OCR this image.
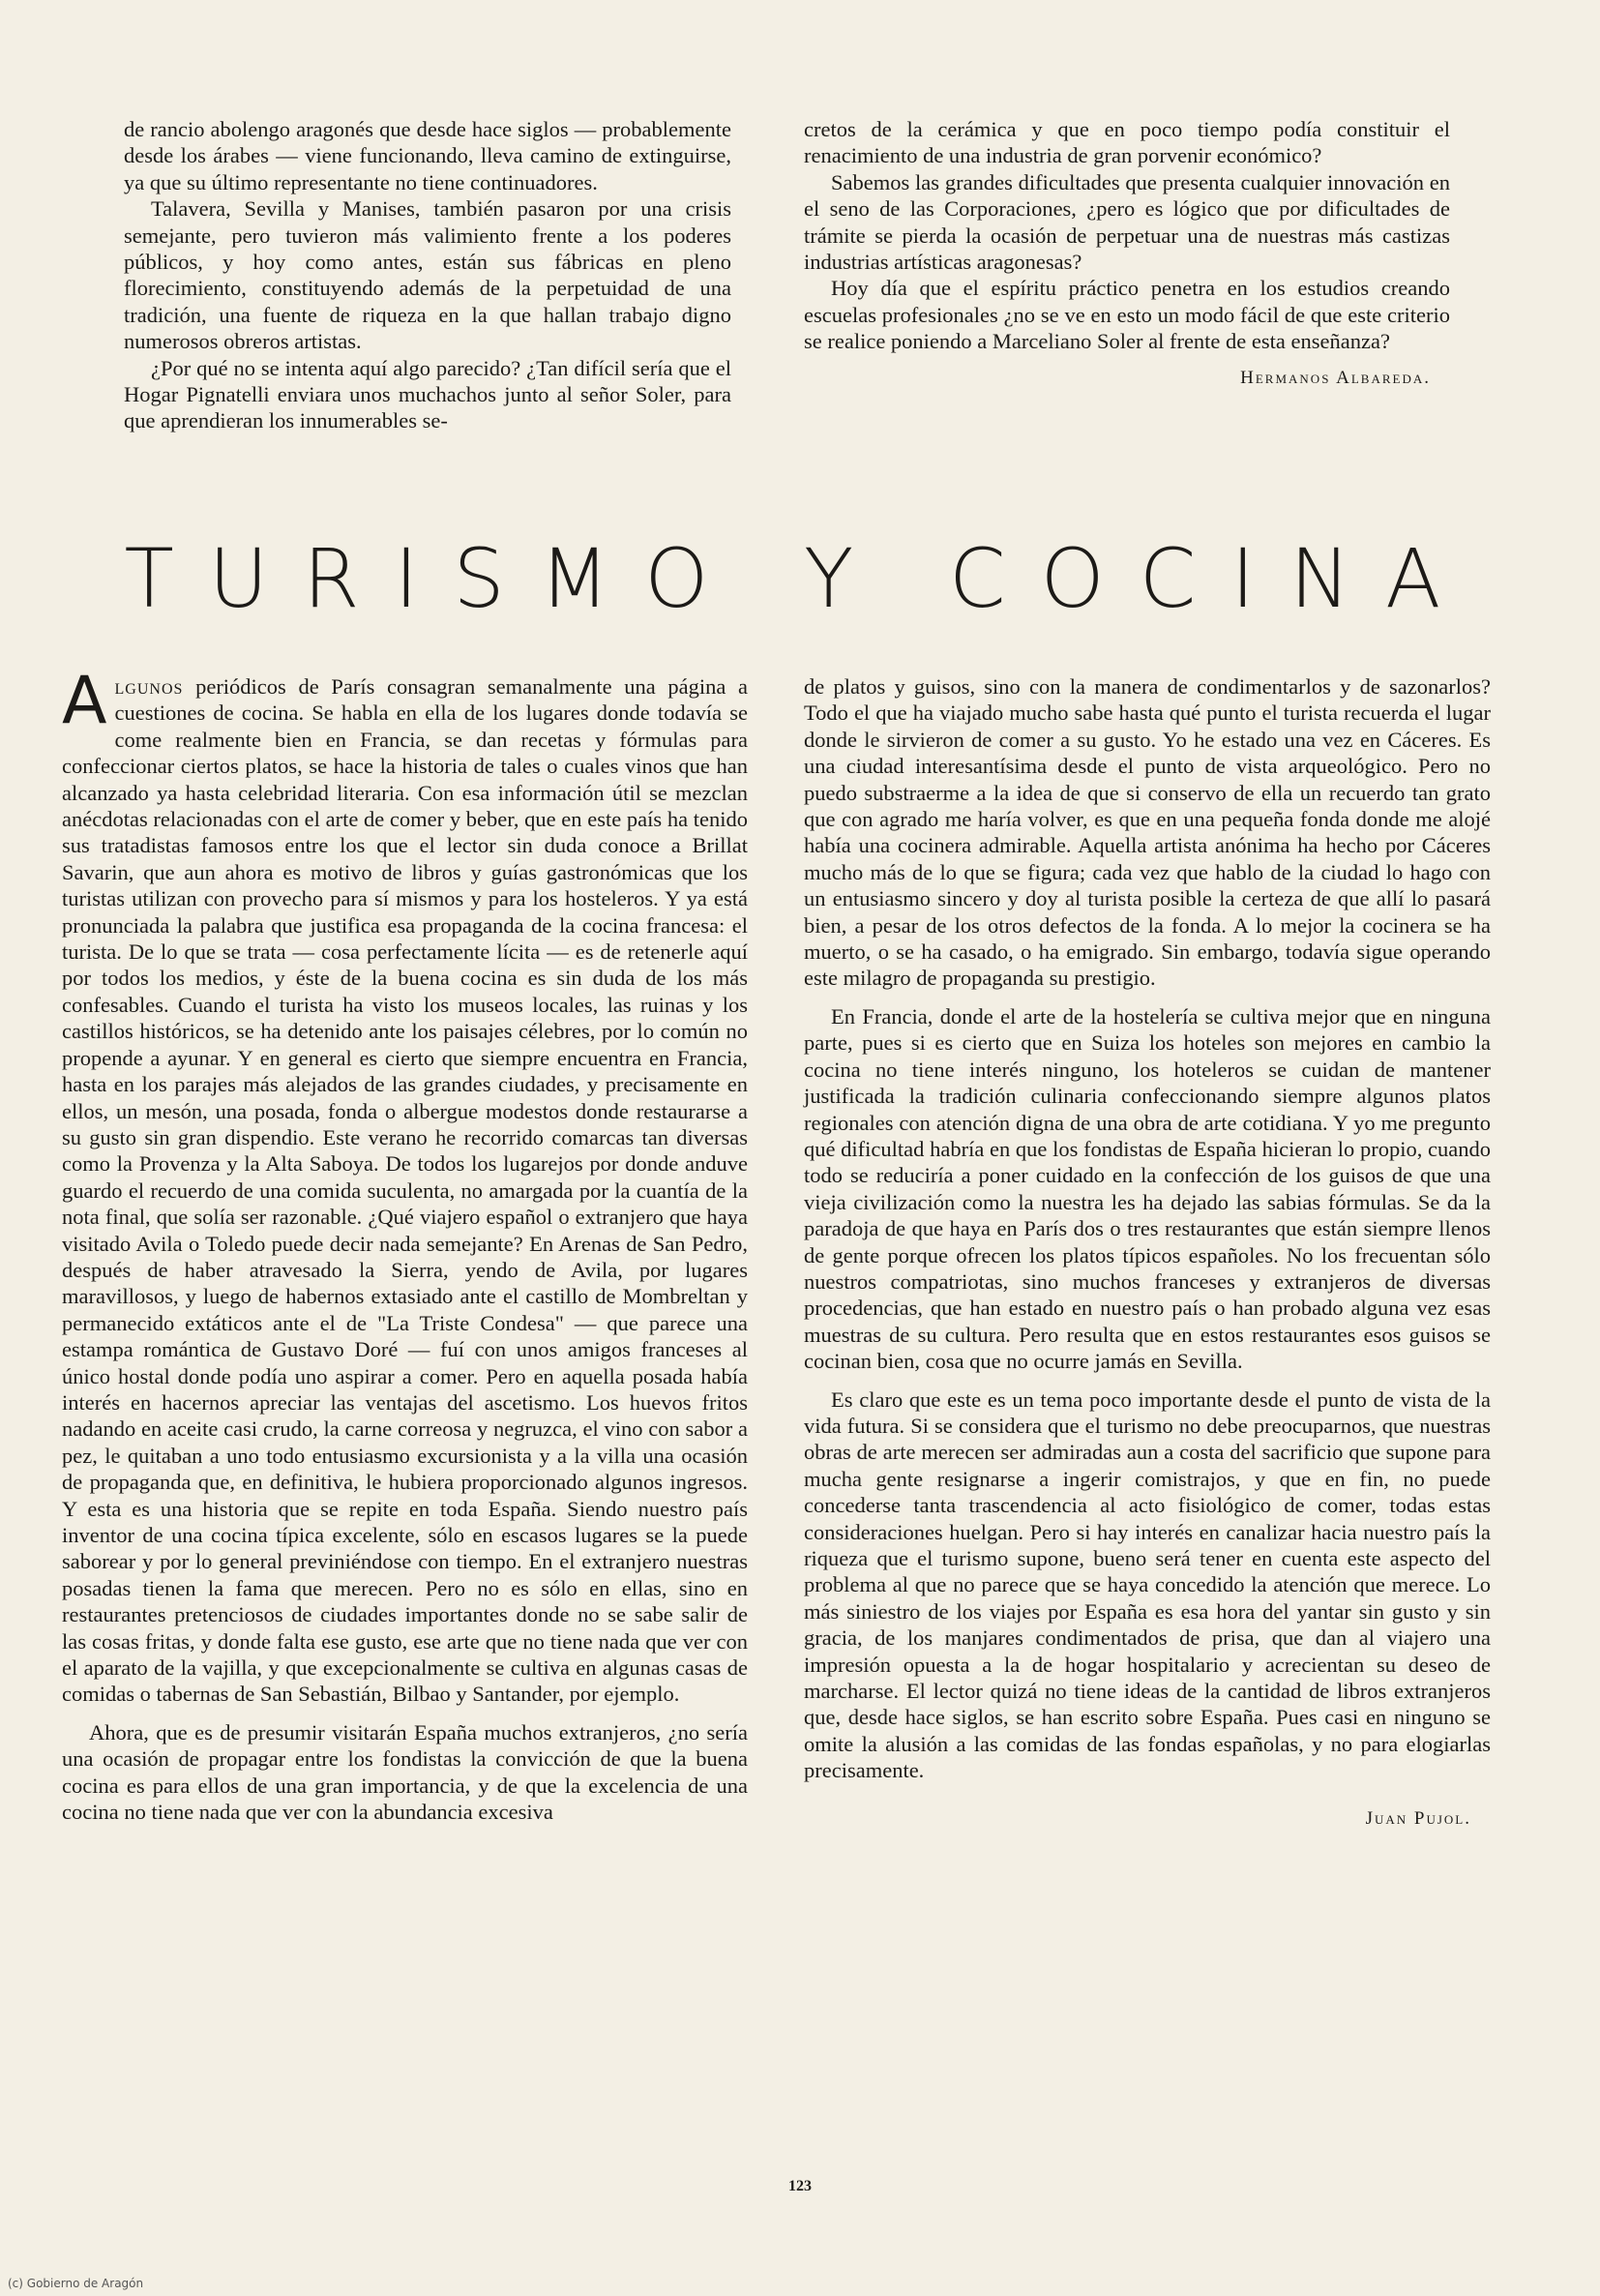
de rancio abolengo aragonés que desde hace siglos — probablemente desde los árabes — viene funcionando, lleva camino de extinguirse, ya que su último representante no tiene continuadores.

Talavera, Sevilla y Manises, también pasaron por una crisis semejante, pero tuvieron más valimiento frente a los poderes públicos, y hoy como antes, están sus fábricas en pleno florecimiento, constituyendo además de la perpetuidad de una tradición, una fuente de riqueza en la que hallan trabajo digno numerosos obreros artistas.

¿Por qué no se intenta aquí algo parecido? ¿Tan difícil sería que el Hogar Pignatelli enviara unos muchachos junto al señor Soler, para que aprendieran los innumerables se-

cretos de la cerámica y que en poco tiempo podía constituir el renacimiento de una industria de gran porvenir económico?

Sabemos las grandes dificultades que presenta cualquier innovación en el seno de las Corporaciones, ¿pero es lógico que por dificultades de trámite se pierda la ocasión de perpetuar una de nuestras más castizas industrias artísticas aragonesas?

Hoy día que el espíritu práctico penetra en los estudios creando escuelas profesionales ¿no se ve en esto un modo fácil de que este criterio se realice poniendo a Marceliano Soler al frente de esta enseñanza?

Hermanos Albareda.
TURISMO Y COCINA

Algunos periódicos de París consagran semanalmente una página a cuestiones de cocina. Se habla en ella de los lugares donde todavía se come realmente bien en Francia, se dan recetas y fórmulas para confeccionar ciertos platos, se hace la historia de tales o cuales vinos que han alcanzado ya hasta celebridad literaria. Con esa información útil se mezclan anécdotas relacionadas con el arte de comer y beber, que en este país ha tenido sus tratadistas famosos entre los que el lector sin duda conoce a Brillat Savarin, que aun ahora es motivo de libros y guías gastronómicas que los turistas utilizan con provecho para sí mismos y para los hosteleros. Y ya está pronunciada la palabra que justifica esa propaganda de la cocina francesa: el turista. De lo que se trata — cosa perfectamente lícita — es de retenerle aquí por todos los medios, y éste de la buena cocina es sin duda de los más confesables. Cuando el turista ha visto los museos locales, las ruinas y los castillos históricos, se ha detenido ante los paisajes célebres, por lo común no propende a ayunar. Y en general es cierto que siempre encuentra en Francia, hasta en los parajes más alejados de las grandes ciudades, y precisamente en ellos, un mesón, una posada, fonda o albergue modestos donde restaurarse a su gusto sin gran dispendio. Este verano he recorrido comarcas tan diversas como la Provenza y la Alta Saboya. De todos los lugarejos por donde anduve guardo el recuerdo de una comida suculenta, no amargada por la cuantía de la nota final, que solía ser razonable. ¿Qué viajero español o extranjero que haya visitado Avila o Toledo puede decir nada semejante? En Arenas de San Pedro, después de haber atravesado la Sierra, yendo de Avila, por lugares maravillosos, y luego de habernos extasiado ante el castillo de Mombreltan y permanecido extáticos ante el de "La Triste Condesa" — que parece una estampa romántica de Gustavo Doré — fuí con unos amigos franceses al único hostal donde podía uno aspirar a comer. Pero en aquella posada había interés en hacernos apreciar las ventajas del ascetismo. Los huevos fritos nadando en aceite casi crudo, la carne correosa y negruzca, el vino con sabor a pez, le quitaban a uno todo entusiasmo excursionista y a la villa una ocasión de propaganda que, en definitiva, le hubiera proporcionado algunos ingresos. Y esta es una historia que se repite en toda España. Siendo nuestro país inventor de una cocina típica excelente, sólo en escasos lugares se la puede saborear y por lo general previniéndose con tiempo. En el extranjero nuestras posadas tienen la fama que merecen. Pero no es sólo en ellas, sino en restaurantes pretenciosos de ciudades importantes donde no se sabe salir de las cosas fritas, y donde falta ese gusto, ese arte que no tiene nada que ver con el aparato de la vajilla, y que excepcionalmente se cultiva en algunas casas de comidas o tabernas de San Sebastián, Bilbao y Santander, por ejemplo.

Ahora, que es de presumir visitarán España muchos extranjeros, ¿no sería una ocasión de propagar entre los fondistas la convicción de que la buena cocina es para ellos de una gran importancia, y de que la excelencia de una cocina no tiene nada que ver con la abundancia excesiva

de platos y guisos, sino con la manera de condimentarlos y de sazonarlos? Todo el que ha viajado mucho sabe hasta qué punto el turista recuerda el lugar donde le sirvieron de comer a su gusto. Yo he estado una vez en Cáceres. Es una ciudad interesantísima desde el punto de vista arqueológico. Pero no puedo substraerme a la idea de que si conservo de ella un recuerdo tan grato que con agrado me haría volver, es que en una pequeña fonda donde me alojé había una cocinera admirable. Aquella artista anónima ha hecho por Cáceres mucho más de lo que se figura; cada vez que hablo de la ciudad lo hago con un entusiasmo sincero y doy al turista posible la certeza de que allí lo pasará bien, a pesar de los otros defectos de la fonda. A lo mejor la cocinera se ha muerto, o se ha casado, o ha emigrado. Sin embargo, todavía sigue operando este milagro de propaganda su prestigio.

En Francia, donde el arte de la hostelería se cultiva mejor que en ninguna parte, pues si es cierto que en Suiza los hoteles son mejores en cambio la cocina no tiene interés ninguno, los hoteleros se cuidan de mantener justificada la tradición culinaria confeccionando siempre algunos platos regionales con atención digna de una obra de arte cotidiana. Y yo me pregunto qué dificultad habría en que los fondistas de España hicieran lo propio, cuando todo se reduciría a poner cuidado en la confección de los guisos de que una vieja civilización como la nuestra les ha dejado las sabias fórmulas. Se da la paradoja de que haya en París dos o tres restaurantes que están siempre llenos de gente porque ofrecen los platos típicos españoles. No los frecuentan sólo nuestros compatriotas, sino muchos franceses y extranjeros de diversas procedencias, que han estado en nuestro país o han probado alguna vez esas muestras de su cultura. Pero resulta que en estos restaurantes esos guisos se cocinan bien, cosa que no ocurre jamás en Sevilla.

Es claro que este es un tema poco importante desde el punto de vista de la vida futura. Si se considera que el turismo no debe preocuparnos, que nuestras obras de arte merecen ser admiradas aun a costa del sacrificio que supone para mucha gente resignarse a ingerir comistrajos, y que en fin, no puede concederse tanta trascendencia al acto fisiológico de comer, todas estas consideraciones huelgan. Pero si hay interés en canalizar hacia nuestro país la riqueza que el turismo supone, bueno será tener en cuenta este aspecto del problema al que no parece que se haya concedido la atención que merece. Lo más siniestro de los viajes por España es esa hora del yantar sin gusto y sin gracia, de los manjares condimentados de prisa, que dan al viajero una impresión opuesta a la de hogar hospitalario y acrecientan su deseo de marcharse. El lector quizá no tiene ideas de la cantidad de libros extranjeros que, desde hace siglos, se han escrito sobre España. Pues casi en ninguno se omite la alusión a las comidas de las fondas españolas, y no para elogiarlas precisamente.

Juan Pujol.
123
(c) Gobierno de Aragón
